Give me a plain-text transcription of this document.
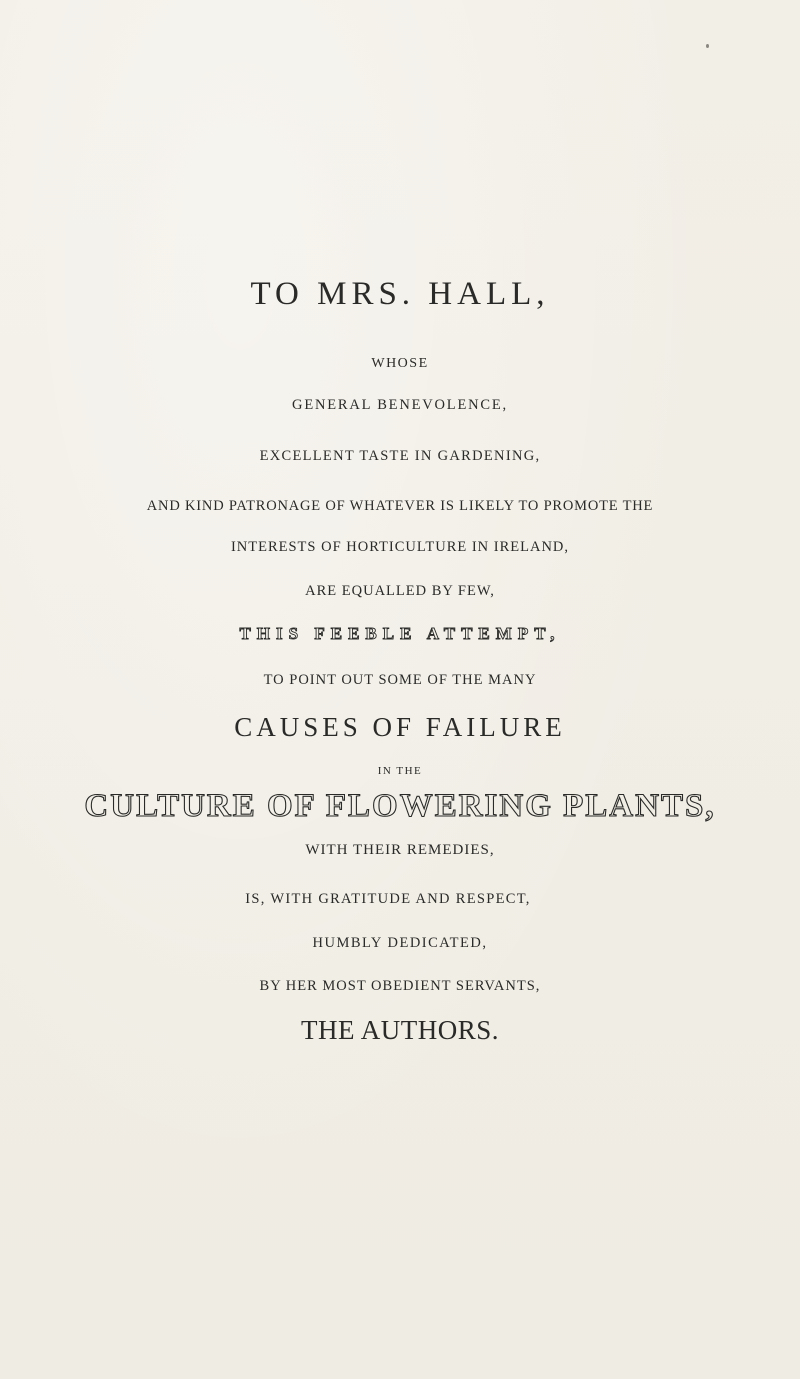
TO MRS. HALL,
WHOSE
GENERAL BENEVOLENCE,
EXCELLENT TASTE IN GARDENING,
AND KIND PATRONAGE OF WHATEVER IS LIKELY TO PROMOTE THE
INTERESTS OF HORTICULTURE IN IRELAND,
ARE EQUALLED BY FEW,
THIS FEEBLE ATTEMPT,
TO POINT OUT SOME OF THE MANY
CAUSES OF FAILURE
IN THE
CULTURE OF FLOWERING PLANTS,
WITH THEIR REMEDIES,
IS, WITH GRATITUDE AND RESPECT,
HUMBLY DEDICATED,
BY HER MOST OBEDIENT SERVANTS,
THE AUTHORS.
